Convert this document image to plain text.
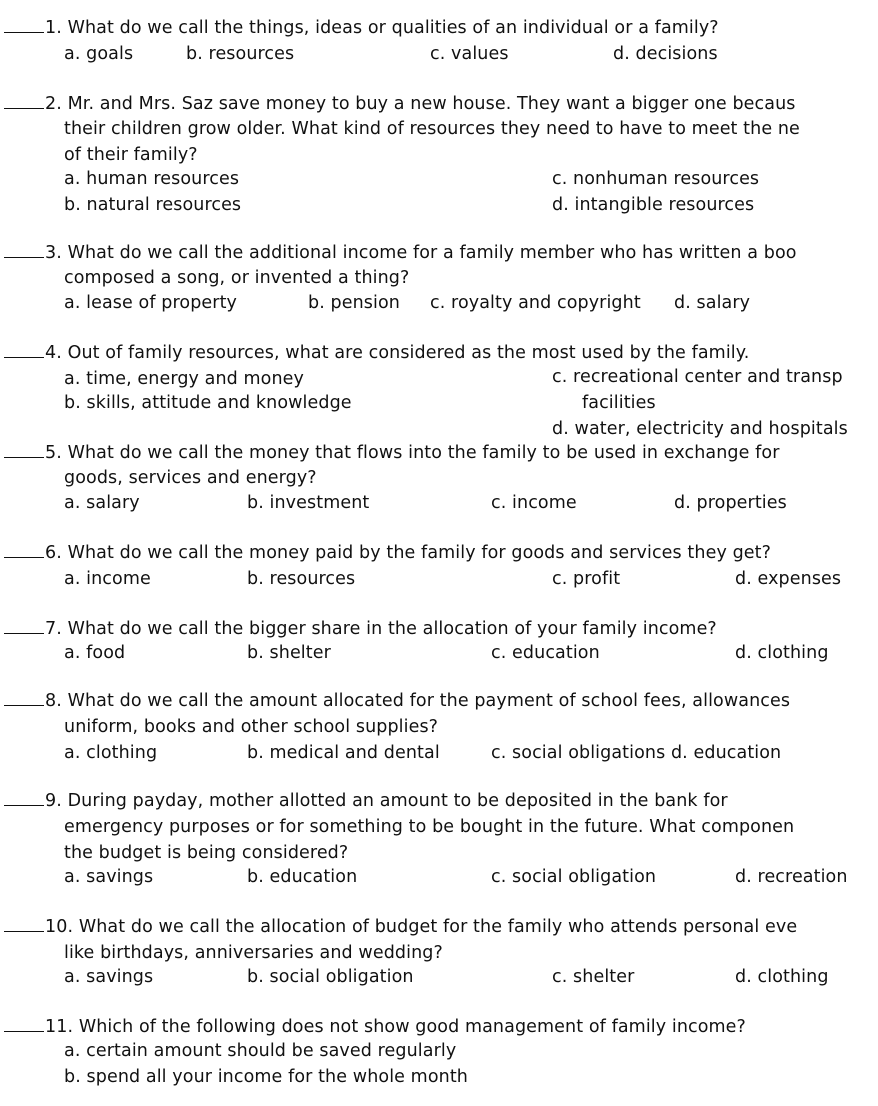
1. What do we call the things, ideas or qualities of an individual or a family?
a. goals	b. resources	c. values	d. decisions
2. Mr. and Mrs. Saz save money to buy a new house. They want a bigger one becaus
their children grow older. What kind of resources they need to have to meet the ne
of their family?
a. human resources
b. natural resources
c. nonhuman resources
d. intangible resources
3. What do we call the additional income for a family member who has written a boo
composed a song, or invented a thing?
a. lease of property	b. pension c. royalty and copyright d. salary
4. Out of family resources, what are considered as the most used by the family.
a. time, energy and money
b. skills, attitude and knowledge
c. recreational center and transp
facilities
d. water, electricity and hospitals
5. What do we call the money that flows into the family to be used in exchange for
goods, services and energy?
a. salary	b. investment	c. income	d. properties
6. What do we call the money paid by the family for goods and services they get?
a. income	b. resources	c. profit	d. expenses
7. What do we call the bigger share in the allocation of your family income?
a. food	b. shelter	c. education	d. clothing
8. What do we call the amount allocated for the payment of school fees, allowances
uniform, books and other school supplies?
a. clothing	b. medical and dental	c. social obligations d. education
9. During payday, mother allotted an amount to be deposited in the bank for
emergency purposes or for something to be bought in the future. What componen
the budget is being considered?
a. savings	b. education	c. social obligation	d. recreation
10. What do we call the allocation of budget for the family who attends personal eve
like birthdays, anniversaries and wedding?
a. savings	b. social obligation	c. shelter	d. clothing
11. Which of the following does not show good management of family income?
a. certain amount should be saved regularly
b. spend all your income for the whole month
